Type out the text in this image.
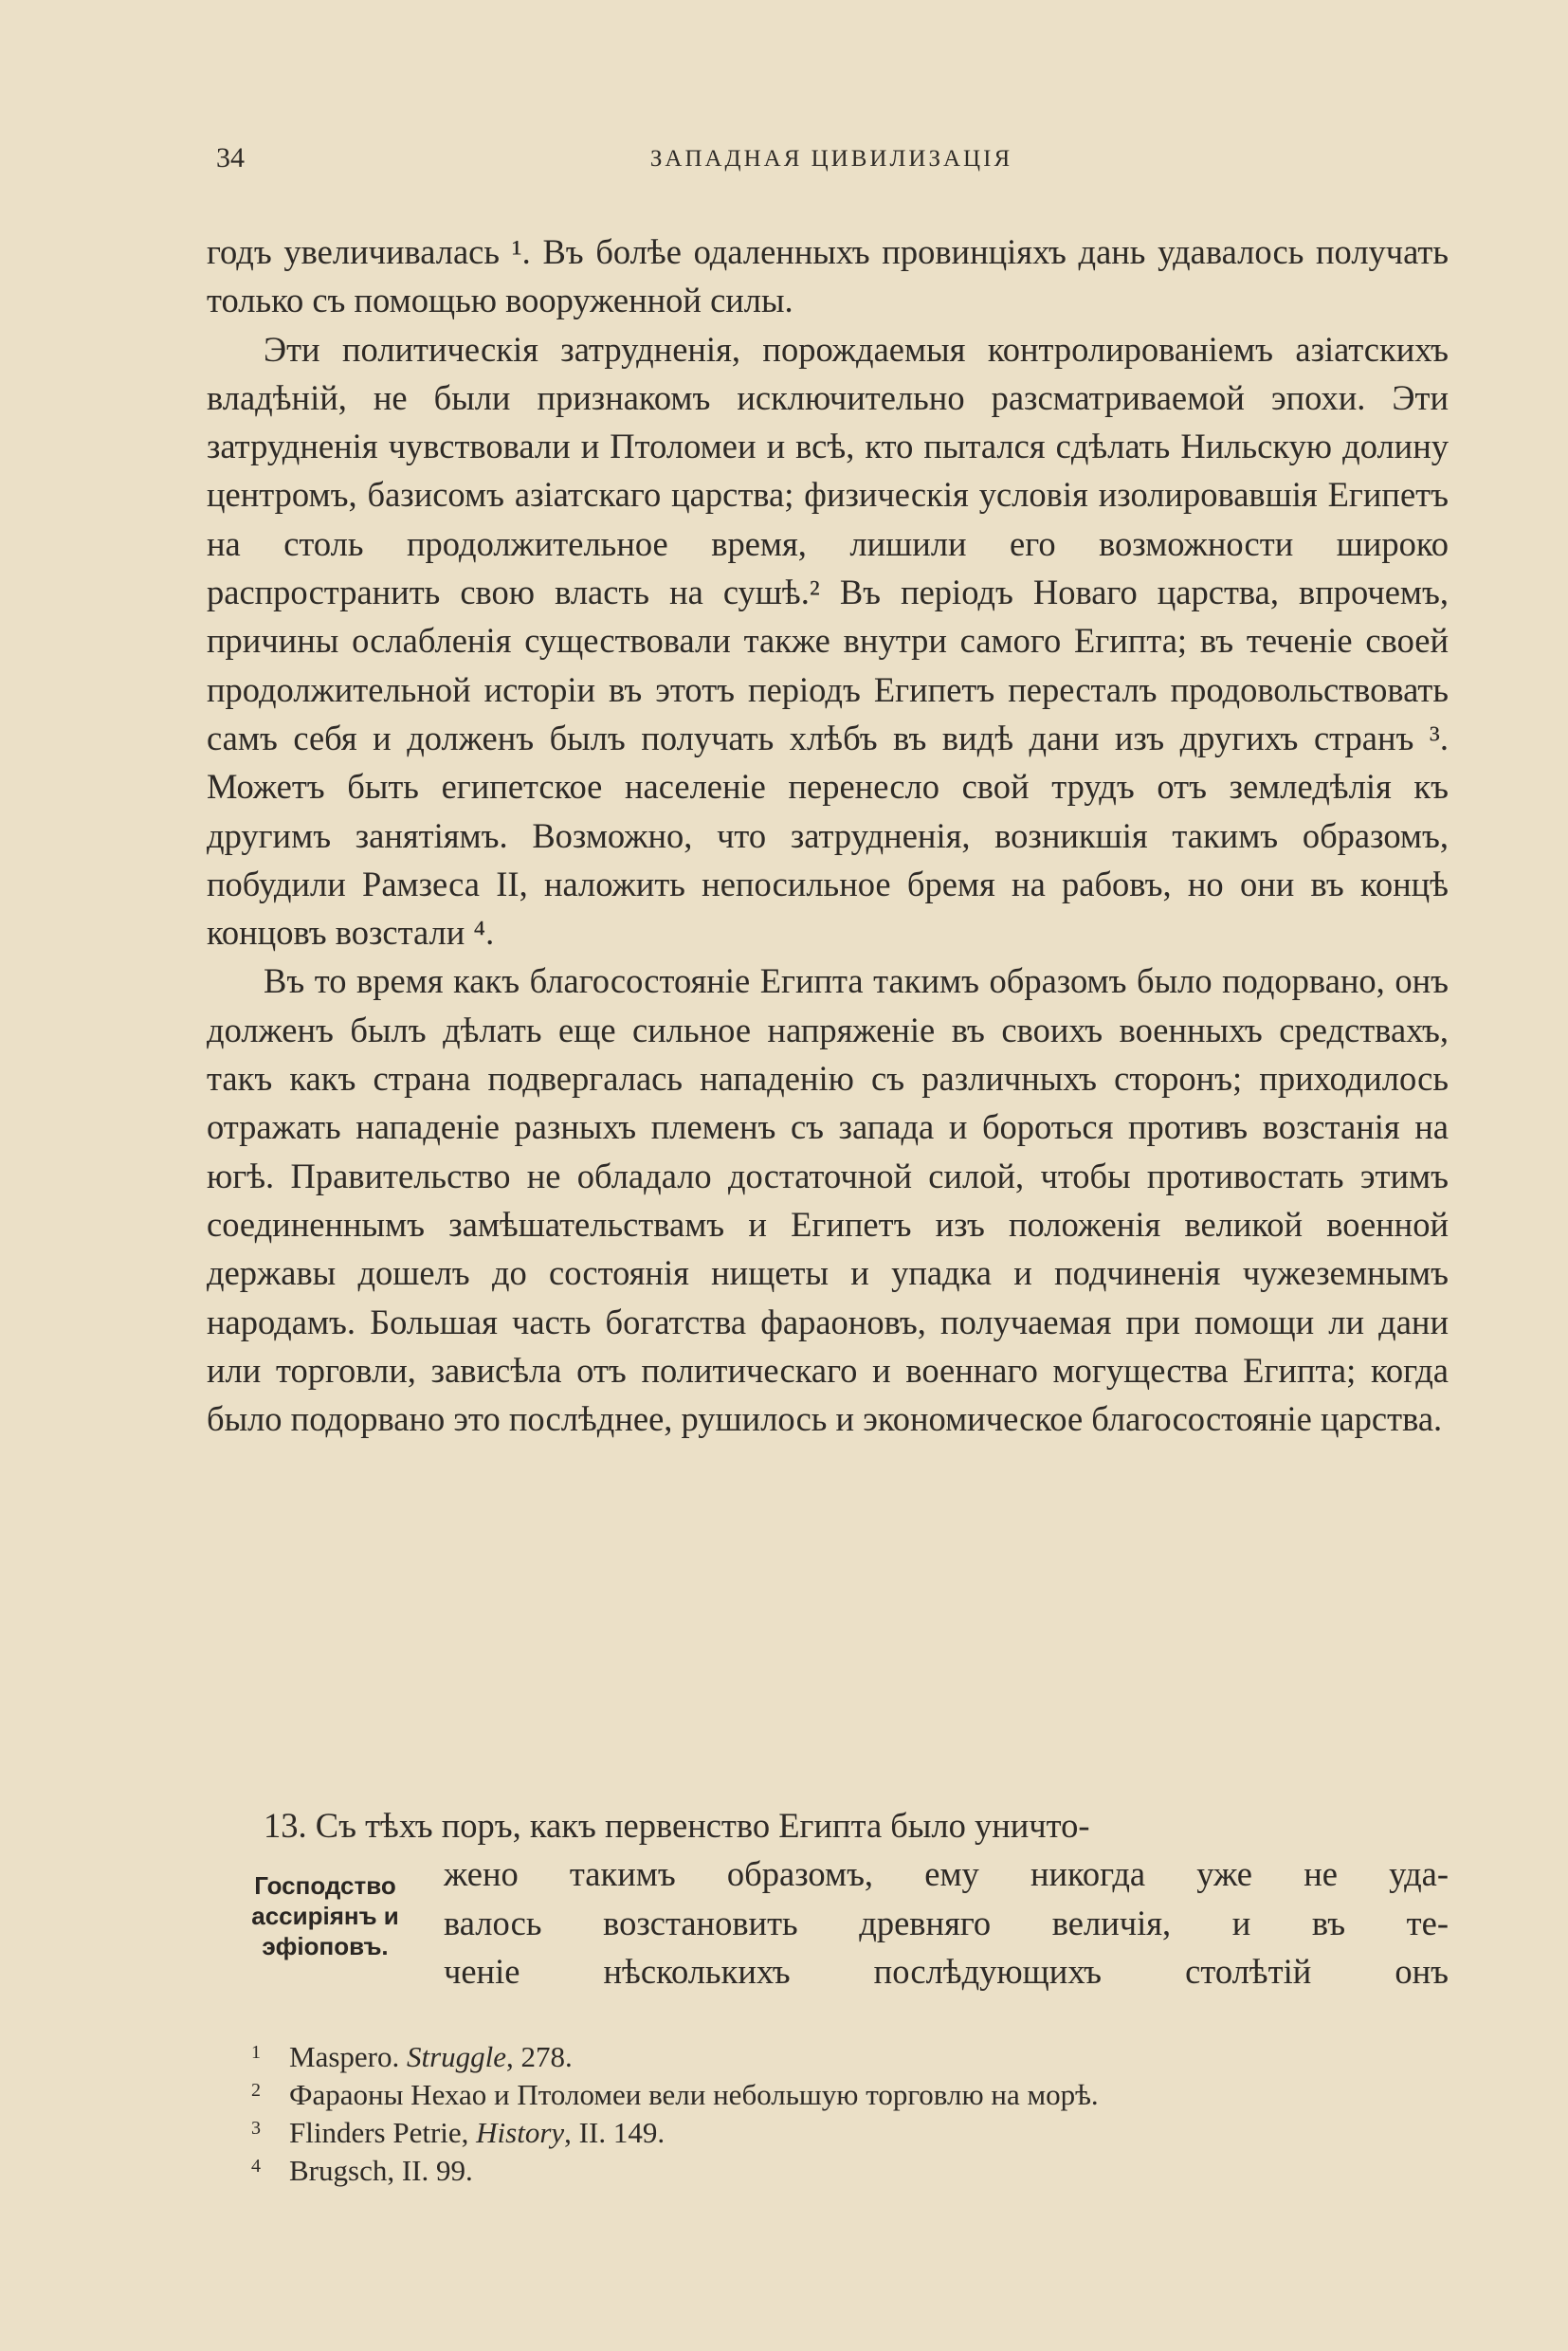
34	ЗАПАДНАЯ ЦИВИЛИЗАЦІЯ

годъ увеличивалась ¹. Въ болѣе одаленныхъ провинціяхъ дань удавалось получать только съ помощью вооруженной силы.

Эти политическія затрудненія, порождаемыя контролированіемъ азіатскихъ владѣній, не были признакомъ исключительно разсматриваемой эпохи. Эти затрудненія чувствовали и Птоломеи и всѣ, кто пытался сдѣлать Нильскую долину центромъ, базисомъ азіатскаго царства; физическія условія изолировавшія Египетъ на столь продолжительное время, лишили его возможности широко распространить свою власть на сушѣ.² Въ періодъ Новаго царства, впрочемъ, причины ослабленія существовали также внутри самого Египта; въ теченіе своей продолжительной исторіи въ этотъ періодъ Египетъ пересталъ продовольствовать самъ себя и долженъ былъ получать хлѣбъ въ видѣ дани изъ другихъ странъ ³. Можетъ быть египетское населеніе перенесло свой трудъ отъ земледѣлія къ другимъ занятіямъ. Возможно, что затрудненія, возникшія такимъ образомъ, побудили Рамзеса II, наложить непосильное бремя на рабовъ, но они въ концѣ концовъ возстали ⁴.

Въ то время какъ благосостояніе Египта такимъ образомъ было подорвано, онъ долженъ былъ дѣлать еще сильное напряженіе въ своихъ военныхъ средствахъ, такъ какъ страна подвергалась нападенію съ различныхъ сторонъ; приходилось отражать нападеніе разныхъ племенъ съ запада и бороться противъ возстанія на югѣ. Правительство не обладало достаточной силой, чтобы противостать этимъ соединеннымъ замѣшательствамъ и Египетъ изъ положенія великой военной державы дошелъ до состоянія нищеты и упадка и подчиненія чужеземнымъ народамъ. Большая часть богатства фараоновъ, получаемая при помощи ли дани или торговли, зависѣла отъ политическаго и военнаго могущества Египта; когда было подорвано это послѣднее, рушилось и экономическое благосостояніе царства.

13. Съ тѣхъ поръ, какъ первенство Египта было уничто-

Господство
ассиріянъ и
эфіоповъ.
жено такимъ образомъ, ему никогда уже не уда-
валось возстановить древняго величія, и въ те-
ченіе нѣсколькихъ послѣдующихъ столѣтій онъ
1 Maspero. Struggle, 278.
2 Фараоны Нехао и Птоломеи вели небольшую торговлю на морѣ.
3 Flinders Petrie, History, II. 149.
4 Brugsch, II. 99.
